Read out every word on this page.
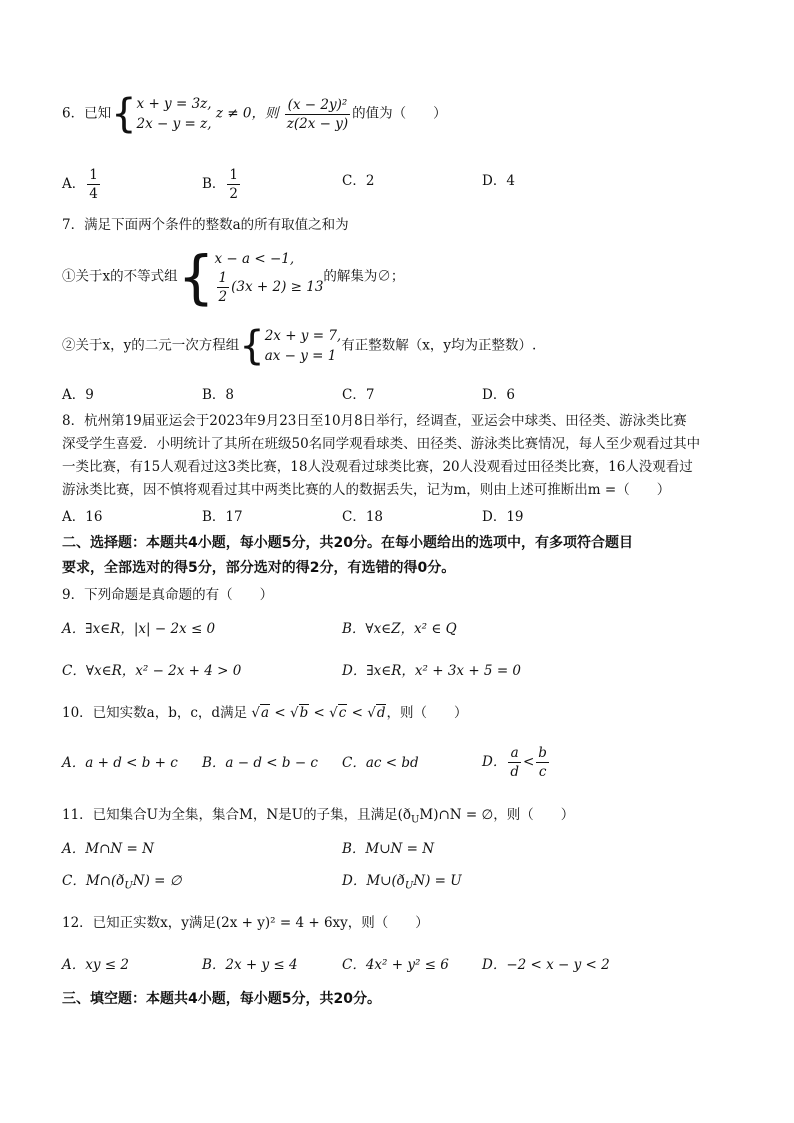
6．已知{ x + y = 3z,
2x − y = z,
z ≠ 0，则 $\frac{\text{(x − 2y)²}}{z(2x - y)}$ 的值为（　　）
A． $\frac{1}{4}$	B． $\frac{1}{2}$	C．2	D．4
7．满足下面两个条件的整数a的所有取值之和为
①关于x的不等式组{ x − a < −1,
$\frac{1}{2} (3x + 2) \ge 13$
的解集为∅；
②关于x，y的二元一次方程组{ 2x + y = 7,
ax − y = 1
有正整数解（x，y均为正整数）.
A．9	B．8	C．7	D．6
8．杭州第19届亚运会于2023年9月23日至10月8日举行，经调查，亚运会中球类、田径类、游泳类比赛
深受学生喜爱．小明统计了其所在班级50名同学观看球类、田径类、游泳类比赛情况，每人至少观看过其中
一类比赛，有15人观看过这3类比赛，18人没观看过球类比赛，20人没观看过田径类比赛，16人没观看过
游泳类比赛，因不慎将观看过其中两类比赛的人的数据丢失，记为m，则由上述可推断出m =（　　）
A．16	B．17	C．18	D．19
二、选择题：本题共4小题，每小题5分，共20分。在每小题给出的选项中，有多项符合题目
要求，全部选对的得5分，部分选对的得2分，有选错的得0分。
9．下列命题是真命题的有（　　）
A．∃x∈R，|x| − 2x ≤ 0	B．∀x∈Z，x² ∈ Q
C．∀x∈R，x² − 2x + 4 > 0	D．∃x∈R，x² + 3x + 5 = 0
10．已知实数a，b，c，d满足 √a < √b < √c < √d，则（　　）
A．a + d < b + c B．a − d < b − c C．ac < bd	D． $\frac{a}{d} < \frac{b}{c}$
11．已知集合U为全集，集合M，N是U的子集，且满足$(ð_UM)\cap N$ = ∅，则（　　）
A．M∩N = N	B．M∪N = N
C．$M\cap(ð_UN)$ = ∅	D．$M\cup(ð_UN) = U$
12．已知正实数x，y满足(2x + y)² = 4 + 6xy，则（　　）
A．xy ≤ 2	B．2x + y ≤ 4	C．4x² + y² ≤ 6 D．−2 < x − y < 2
三、填空题：本题共4小题，每小题5分，共20分。
